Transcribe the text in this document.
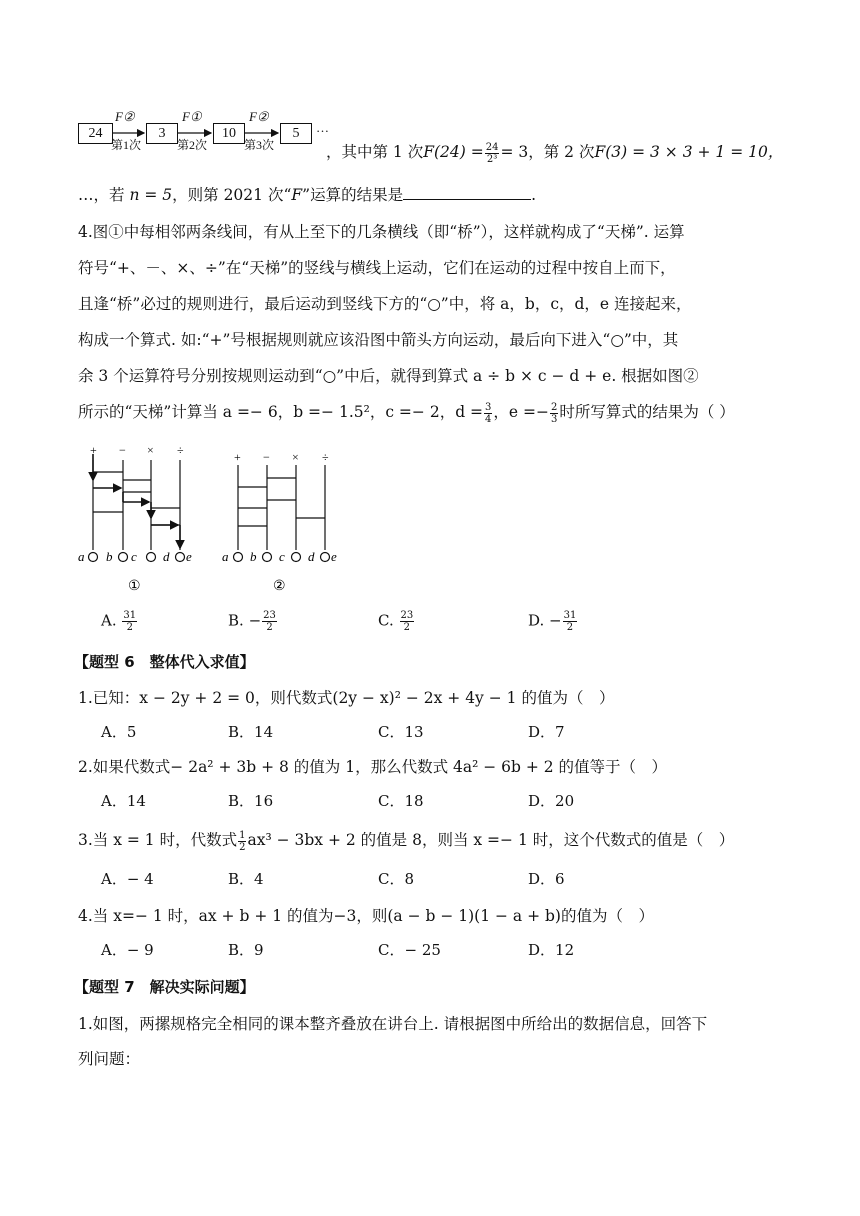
24	3	10	5
F②	F①	F②
第1次	第2次	第3次
…
，其中第 1 次$F(24) = \frac{24}{\text{2³}} = 3$，第 2 次F(3) = 3 × 3 + 1 = 10，
…，若 n = 5，则第 2021 次“F”运算的结果是	.
4.图①中每相邻两条线间，有从上至下的几条横线（即“桥”），这样就构成了“天梯”. 运算
符号“+、－、×、÷”在“天梯”的竖线与横线上运动，它们在运动的过程中按自上而下，
且逢“桥”必过的规则进行，最后运动到竖线下方的“○”中，将 a，b，c，d，e 连接起来，
构成一个算式. 如:“+”号根据规则就应该沿图中箭头方向运动，最后向下进入“○”中，其
余 3 个运算符号分别按规则运动到“○”中后，就得到算式 a ÷ b × c − d + e. 根据如图②
所示的“天梯”计算当 a =− 6，b =− 1.5²，c =− 2，$d = \frac{3}{4}$ ，$e =- \frac{2}{3}$ 时所写算式的结果为（ ）
+ − × ÷
a b c d e
①
+ − × ÷
a b c d e
②
A. $\frac{31}{2}$	B. − $\frac{23}{2}$	C. $\frac{23}{2}$	D. − $\frac{31}{2}$
【题型 6　整体代入求值】
1.已知：x − 2y + 2 = 0，则代数式(2y − x)² − 2x + 4y − 1 的值为（　）
A．5	B．14	C．13	D．7
2.如果代数式− 2a² + 3b + 8 的值为 1，那么代数式 4a² − 6b + 2 的值等于（　）
A．14	B．16	C．18	D．20
3.当 x = 1 时，代数式 $\frac{1}{2} ax^3 - 3bx + 2$ 的值是 8，则当 x =− 1 时，这个代数式的值是（　）
A．− 4	B．4	C．8	D．6
4.当 x=− 1 时，ax + b + 1 的值为−3，则(a − b − 1)(1 − a + b)的值为（　）
A．− 9	B．9	C．− 25	D．12
【题型 7　解决实际问题】
1.如图，两摞规格完全相同的课本整齐叠放在讲台上. 请根据图中所给出的数据信息，回答下
列问题：
